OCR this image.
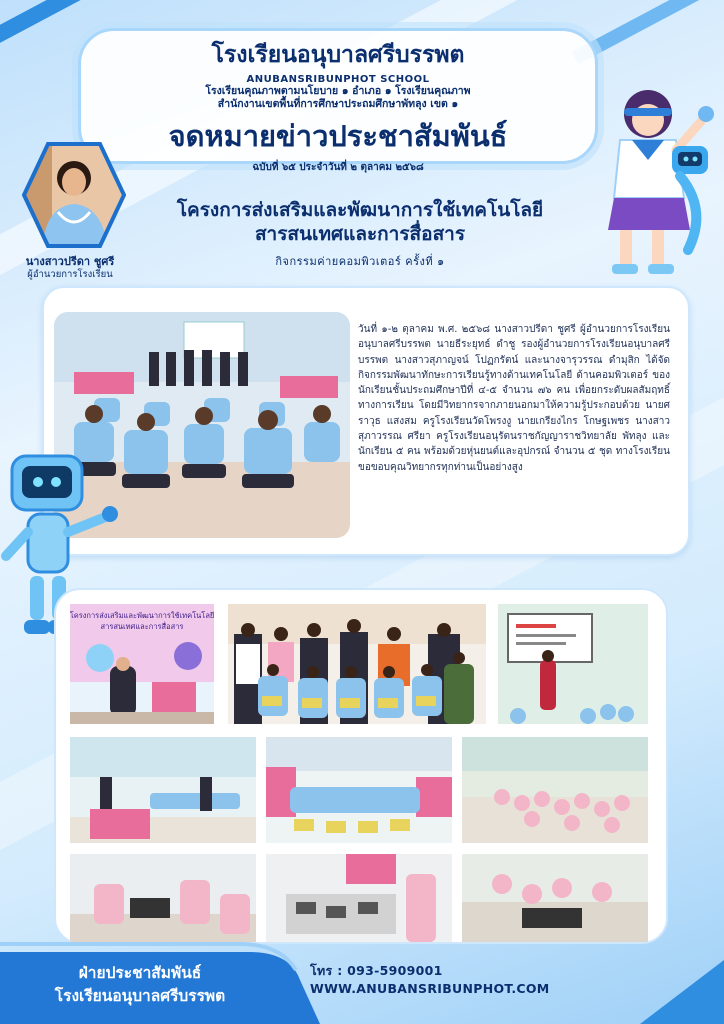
โรงเรียนอนุบาลศรีบรรพต
ANUBANSRIBUNPHOT SCHOOL
โรงเรียนคุณภาพตามนโยบาย ๑ อำเภอ ๑ โรงเรียนคุณภาพ
สำนักงานเขตพื้นที่การศึกษาประถมศึกษาพัทลุง เขต ๑
จดหมายข่าวประชาสัมพันธ์
ฉบับที่ ๖๕ ประจำวันที่ ๒ ตุลาคม ๒๕๖๘
นางสาวปรีดา ชูศรี
ผู้อำนวยการโรงเรียน
โครงการส่งเสริมและพัฒนาการใช้เทคโนโลยี
สารสนเทศและการสื่อสาร
กิจกรรมค่ายคอมพิวเตอร์ ครั้งที่ ๑
วันที่ ๑-๒ ตุลาคม พ.ศ. ๒๕๖๘ นางสาวปรีดา ชูศรี ผู้อำนวยการโรงเรียนอนุบาลศรีบรรพต นายธีระยุทธ์ ดำชู รองผู้อำนวยการโรงเรียนอนุบาลศรีบรรพต นางสาวสุภาญจน์ โปฏกรัตน์ และนางจารุวรรณ ดำมุสิก ได้จัดกิจกรรมพัฒนาทักษะการเรียนรู้ทางด้านเทคโนโลยี ด้านคอมพิวเตอร์ ของนักเรียนชั้นประถมศึกษาปีที่ ๔-๕ จำนวน ๗๖ คน เพื่อยกระดับผลสัมฤทธิ์ทางการเรียน โดยมีวิทยากรจากภายนอกมาให้ความรู้ประกอบด้วย นายศราวุธ แสงสม ครูโรงเรียนวัดโพรงงู นายเกรียงไกร โกษฐเพชร นางสาวสุภาวรรณ ศรียา ครูโรงเรียนอนุรัตนราชกัญญาราชวิทยาลัย พัทลุง และนักเรียน ๕ คน พร้อมด้วยหุ่นยนต์และอุปกรณ์ จำนวน ๕ ชุด ทางโรงเรียนขอขอบคุณวิทยากรทุกท่านเป็นอย่างสูง
โครงการส่งเสริมและพัฒนาการใช้เทคโนโลยี
สารสนเทศและการสื่อสาร
ฝ่ายประชาสัมพันธ์
โรงเรียนอนุบาลศรีบรรพต
โทร : 093-5909001 WWW.ANUBANSRIBUNPHOT.COM
